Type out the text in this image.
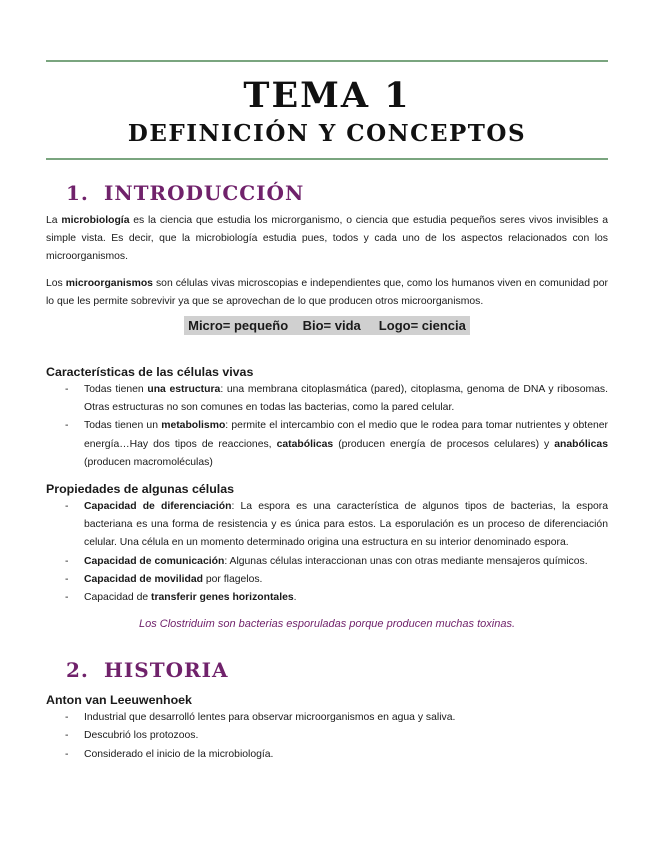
TEMA 1
DEFINICIÓN Y CONCEPTOS
1. INTRODUCCIÓN

La microbiología es la ciencia que estudia los microrganismo, o ciencia que estudia pequeños seres vivos invisibles a simple vista. Es decir, que la microbiología estudia pues, todos y cada uno de los aspectos relacionados con los microorganismos.

Los microorganismos son células vivas microscopias e independientes que, como los humanos viven en comunidad por lo que les permite sobrevivir ya que se aprovechan de lo que producen otros microorganismos.

Micro= pequeño    Bio= vida     Logo= ciencia
Características de las células vivas
- Todas tienen una estructura: una membrana citoplasmática (pared), citoplasma, genoma de DNA y ribosomas. Otras estructuras no son comunes en todas las bacterias, como la pared celular.
- Todas tienen un metabolismo: permite el intercambio con el medio que le rodea para tomar nutrientes y obtener energía…Hay dos tipos de reacciones, catabólicas (producen energía de procesos celulares) y anabólicas (producen macromoléculas)
Propiedades de algunas células
- Capacidad de diferenciación: La espora es una característica de algunos tipos de bacterias, la espora bacteriana es una forma de resistencia y es única para estos. La esporulación es un proceso de diferenciación celular. Una célula en un momento determinado origina una estructura en su interior denominado espora.
- Capacidad de comunicación: Algunas células interaccionan unas con otras mediante mensajeros químicos.
- Capacidad de movilidad por flagelos.
- Capacidad de transferir genes horizontales.
Los Clostriduim son bacterias esporuladas porque producen muchas toxinas.
2. HISTORIA
Anton van Leeuwenhoek
- Industrial que desarrolló lentes para observar microorganismos en agua y saliva.
- Descubrió los protozoos.
- Considerado el inicio de la microbiología.
